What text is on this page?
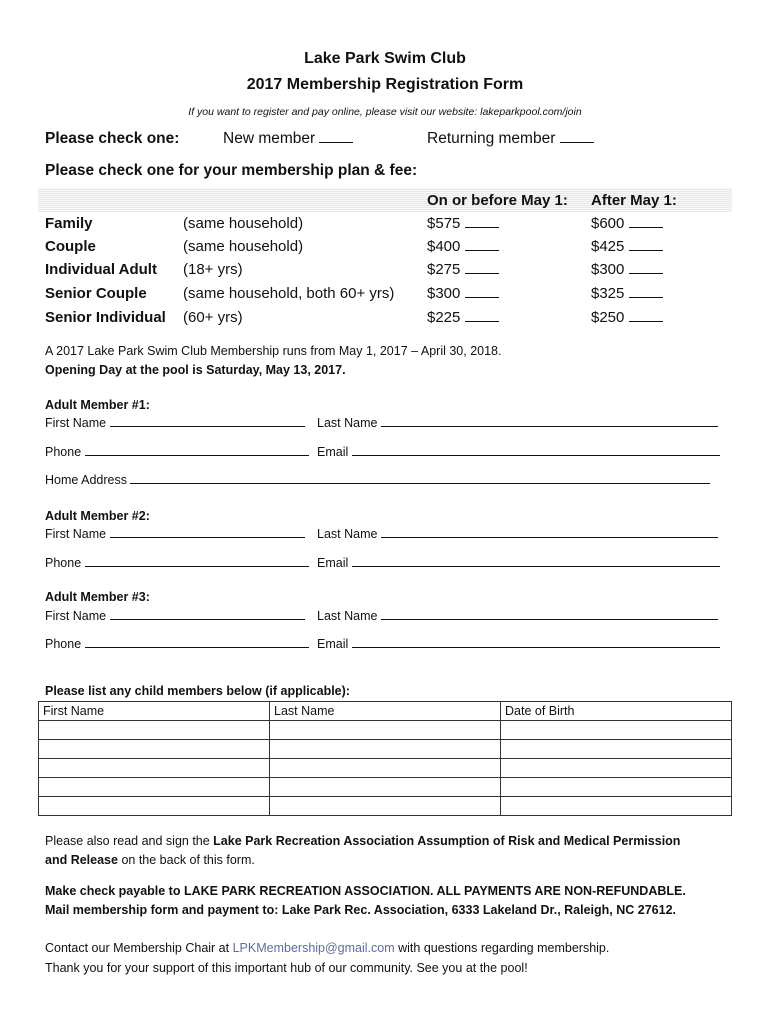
Lake Park Swim Club
2017 Membership Registration Form
If you want to register and pay online, please visit our website: lakeparkpool.com/join
Please check one:	New member	Returning member
Please check one for your membership plan & fee:
On or before May 1: After May 1:
Family	(same household)	$575	$600
Couple	(same household)	$400	$425
Individual Adult (18+ yrs)	$275	$300
Senior Couple (same household, both 60+ yrs) $300	$325
Senior Individual (60+ yrs)	$225	$250
A 2017 Lake Park Swim Club Membership runs from May 1, 2017 – April 30, 2018.
Opening Day at the pool is Saturday, May 13, 2017.
Adult Member #1:
First Name	Last Name
Phone	Email
Home Address
Adult Member #2:
First Name	Last Name
Phone	Email
Adult Member #3:
First Name	Last Name
Phone	Email
Please list any child members below (if applicable):
First Name	Last Name	Date of Birth

Please also read and sign the Lake Park Recreation Association Assumption of Risk and Medical Permission
and Release on the back of this form.
Make check payable to LAKE PARK RECREATION ASSOCIATION. ALL PAYMENTS ARE NON-REFUNDABLE.
Mail membership form and payment to: Lake Park Rec. Association, 6333 Lakeland Dr., Raleigh, NC 27612.
Contact our Membership Chair at LPKMembership@gmail.com with questions regarding membership.
Thank you for your support of this important hub of our community. See you at the pool!
